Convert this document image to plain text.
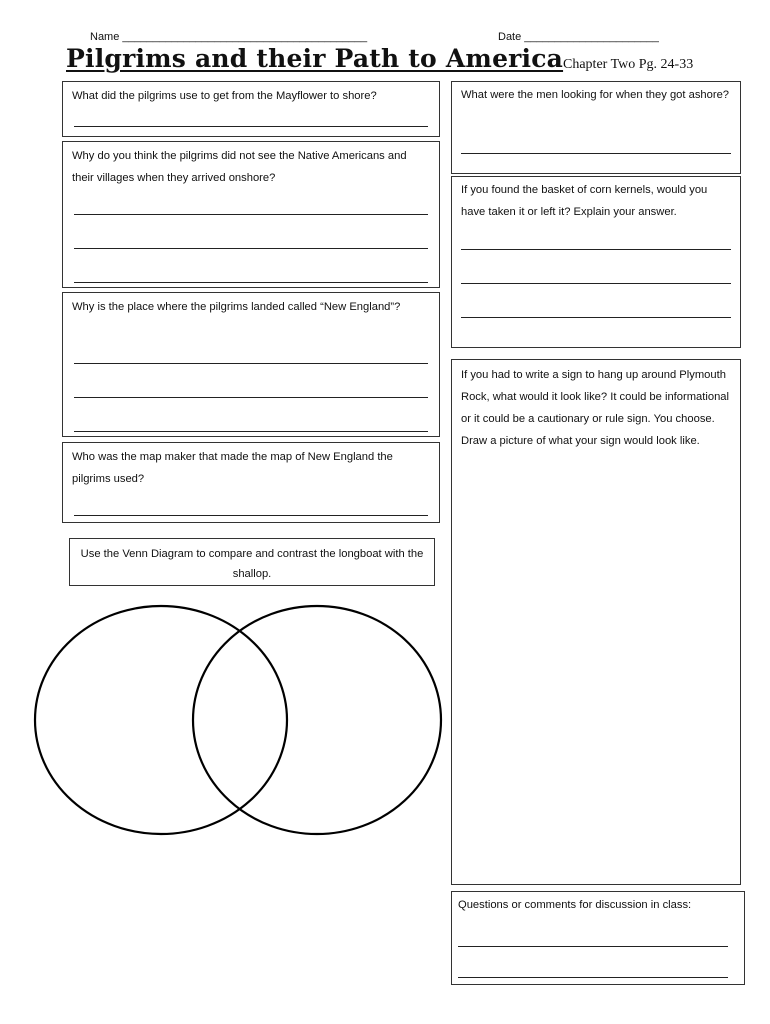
Name ________________________________________	Date ______________________
Pilgrims and their Path to America Chapter Two Pg. 24-33
What did the pilgrims use to get from the Mayflower to shore?
Why do you think the pilgrims did not see the Native Americans and their villages when they arrived onshore?
Why is the place where the pilgrims landed called “New England”?
Who was the map maker that made the map of New England the pilgrims used?
Use the Venn Diagram to compare and contrast the longboat with the shallop.
What were the men looking for when they got ashore?
If you found the basket of corn kernels, would you have taken it or left it? Explain your answer.
If you had to write a sign to hang up around Plymouth Rock, what would it look like? It could be informational or it could be a cautionary or rule sign. You choose. Draw a picture of what your sign would look like.
Questions or comments for discussion in class:
